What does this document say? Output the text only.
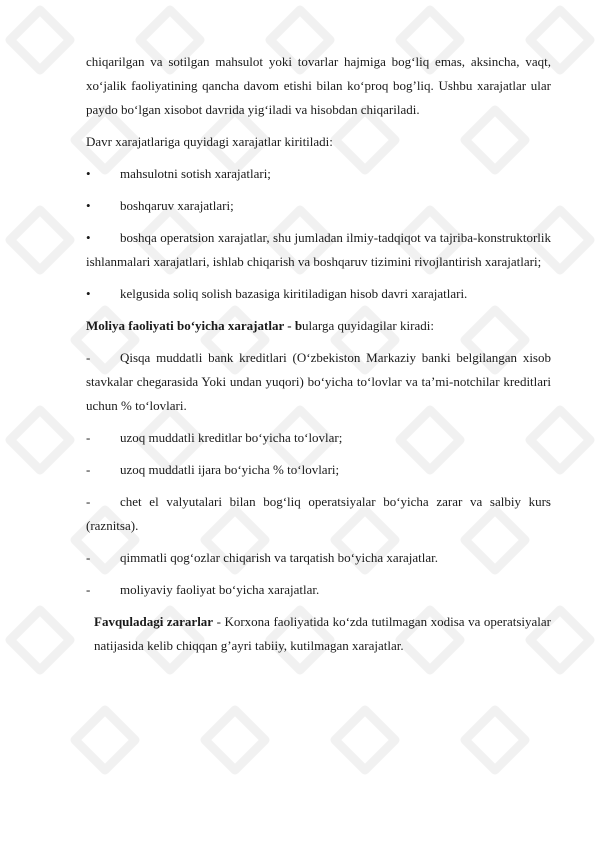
chiqarilgan va sotilgan mahsulot yoki tovarlar hajmiga bog‘liq emas, aksincha, vaqt, xo‘jalik faoliyatining qancha davom etishi bilan ko‘proq bog’liq. Ushbu xarajatlar ular paydo bo‘lgan xisobot davrida yig‘iladi va hisobdan chiqariladi.

Davr xarajatlariga quyidagi xarajatlar kiritiladi:

•	mahsulotni sotish xarajatlari;
•	boshqaruv xarajatlari;
• boshqa operatsion xarajatlar, shu jumladan ilmiy-tadqiqot va tajriba-konstruktorlik ishlanmalari xarajatlari, ishlab chiqarish va boshqaruv tizimini rivojlantirish xarajatlari;
•	kelgusida soliq solish bazasiga kiritiladigan hisob davri xarajatlari.

Moliya faoliyati bo‘yicha xarajatlar - bularga quyidagilar kiradi:

- Qisqa muddatli bank kreditlari (O‘zbekiston Markaziy banki belgilangan xisob stavkalar chegarasida Yoki undan yuqori) bo‘yicha to‘lovlar va ta’mi-notchilar kreditlari uchun % to‘lovlari.
-	uzoq muddatli kreditlar bo‘yicha to‘lovlar;
-	uzoq muddatli ijara bo‘yicha % to‘lovlari;
- chet el valyutalari bilan bog‘liq operatsiyalar bo‘yicha zarar va salbiy kurs (raznitsa).
-	qimmatli qog‘ozlar chiqarish va tarqatish bo‘yicha xarajatlar.
-	moliyaviy faoliyat bo‘yicha xarajatlar.

Favquladagi zararlar - Korxona faoliyatida ko‘zda tutilmagan xodisa va operatsiyalar natijasida kelib chiqqan g’ayri tabiiy, kutilmagan xarajatlar.
